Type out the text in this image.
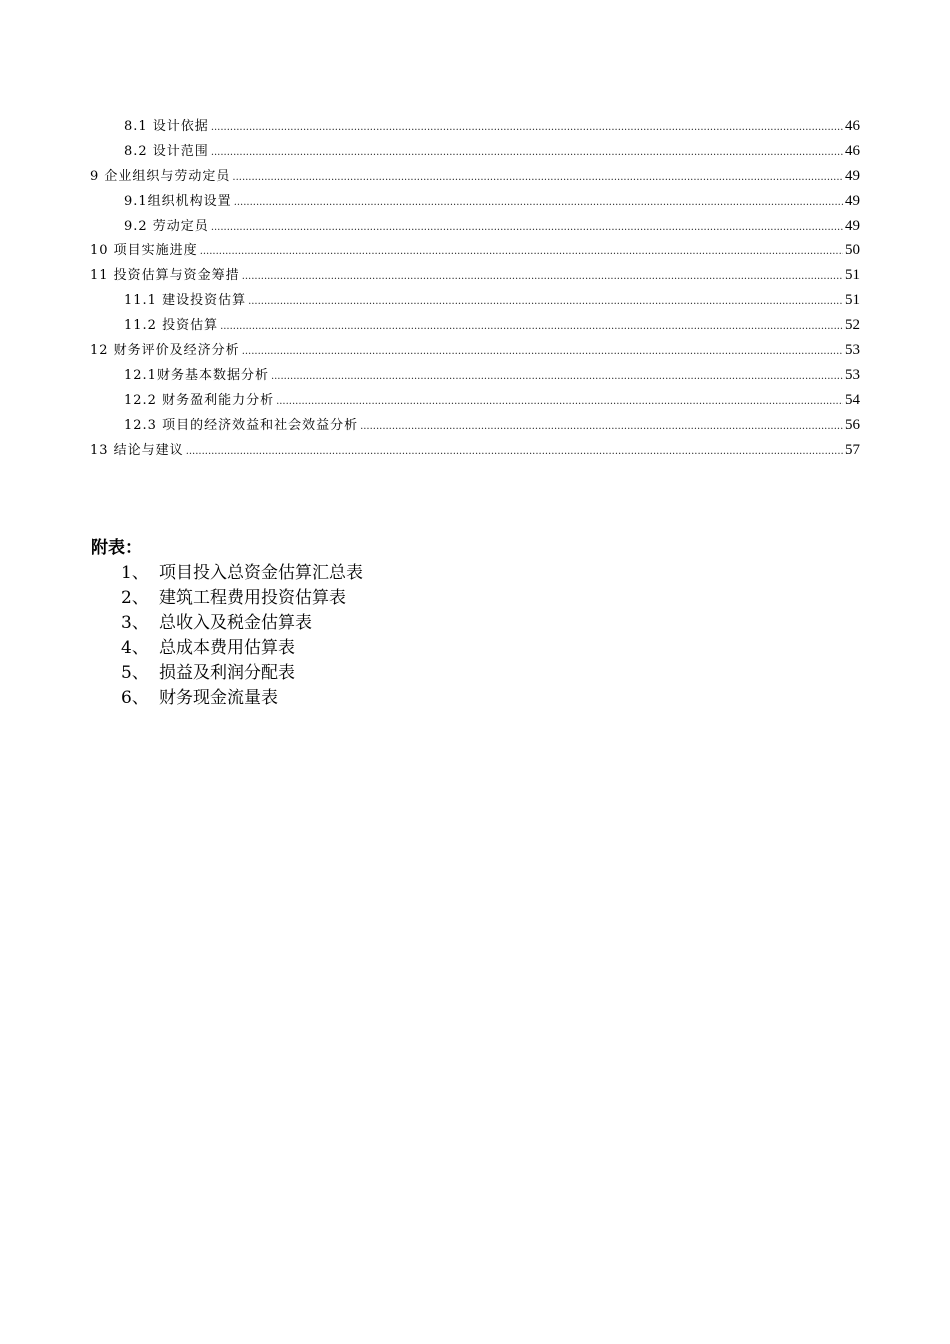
8.1 设计依据 .....	46
8.2 设计范围 .....	46
9 企业组织与劳动定员 .....	49
9.1组织机构设置 .....	49
9.2 劳动定员 .....	49
10 项目实施进度 .....	50
11 投资估算与资金筹措 .....	51
11.1 建设投资估算 .....	51
11.2 投资估算 .....	52
12 财务评价及经济分析 .....	53
12.1财务基本数据分析 .....	53
12.2 财务盈利能力分析 .....	54
12.3 项目的经济效益和社会效益分析 .....	56
13 结论与建议 .....	57
附表：
1、 项目投入总资金估算汇总表
2、 建筑工程费用投资估算表
3、 总收入及税金估算表
4、 总成本费用估算表
5、 损益及利润分配表
6、 财务现金流量表
